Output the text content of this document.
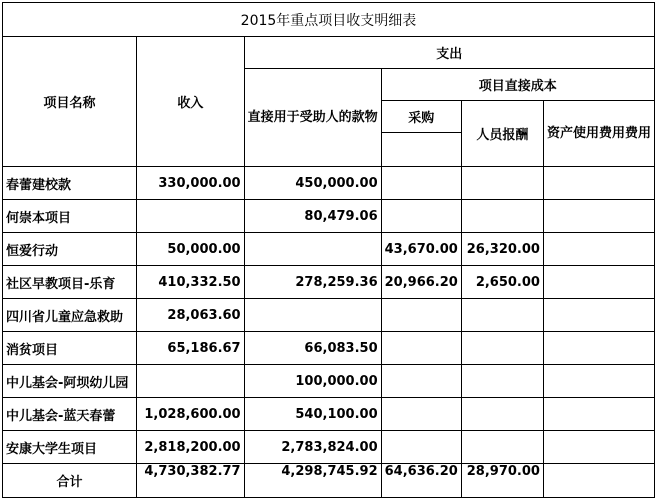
2015年重点项目收支明细表					
项目名称	收入	支出			
		直接用于受助人的款物	项目直接成本		
			采购	人员报酬	资产使用费用费用

春蕾建校款	330,000.00	450,000.00			
何崇本项目		80,479.06			
恒爱行动	50,000.00		43,670.00	26,320.00	
社区早教项目-乐育	410,332.50	278,259.36	20,966.20	2,650.00	
四川省儿童应急救助	28,063.60				
消贫项目	65,186.67	66,083.50			
中儿基会-阿坝幼儿园		100,000.00			
中儿基会-蓝天春蕾	1,028,600.00	540,100.00			
安康大学生项目	2,818,200.00	2,783,824.00			
合计	4,730,382.77	4,298,745.92	64,636.20	28,970.00	
